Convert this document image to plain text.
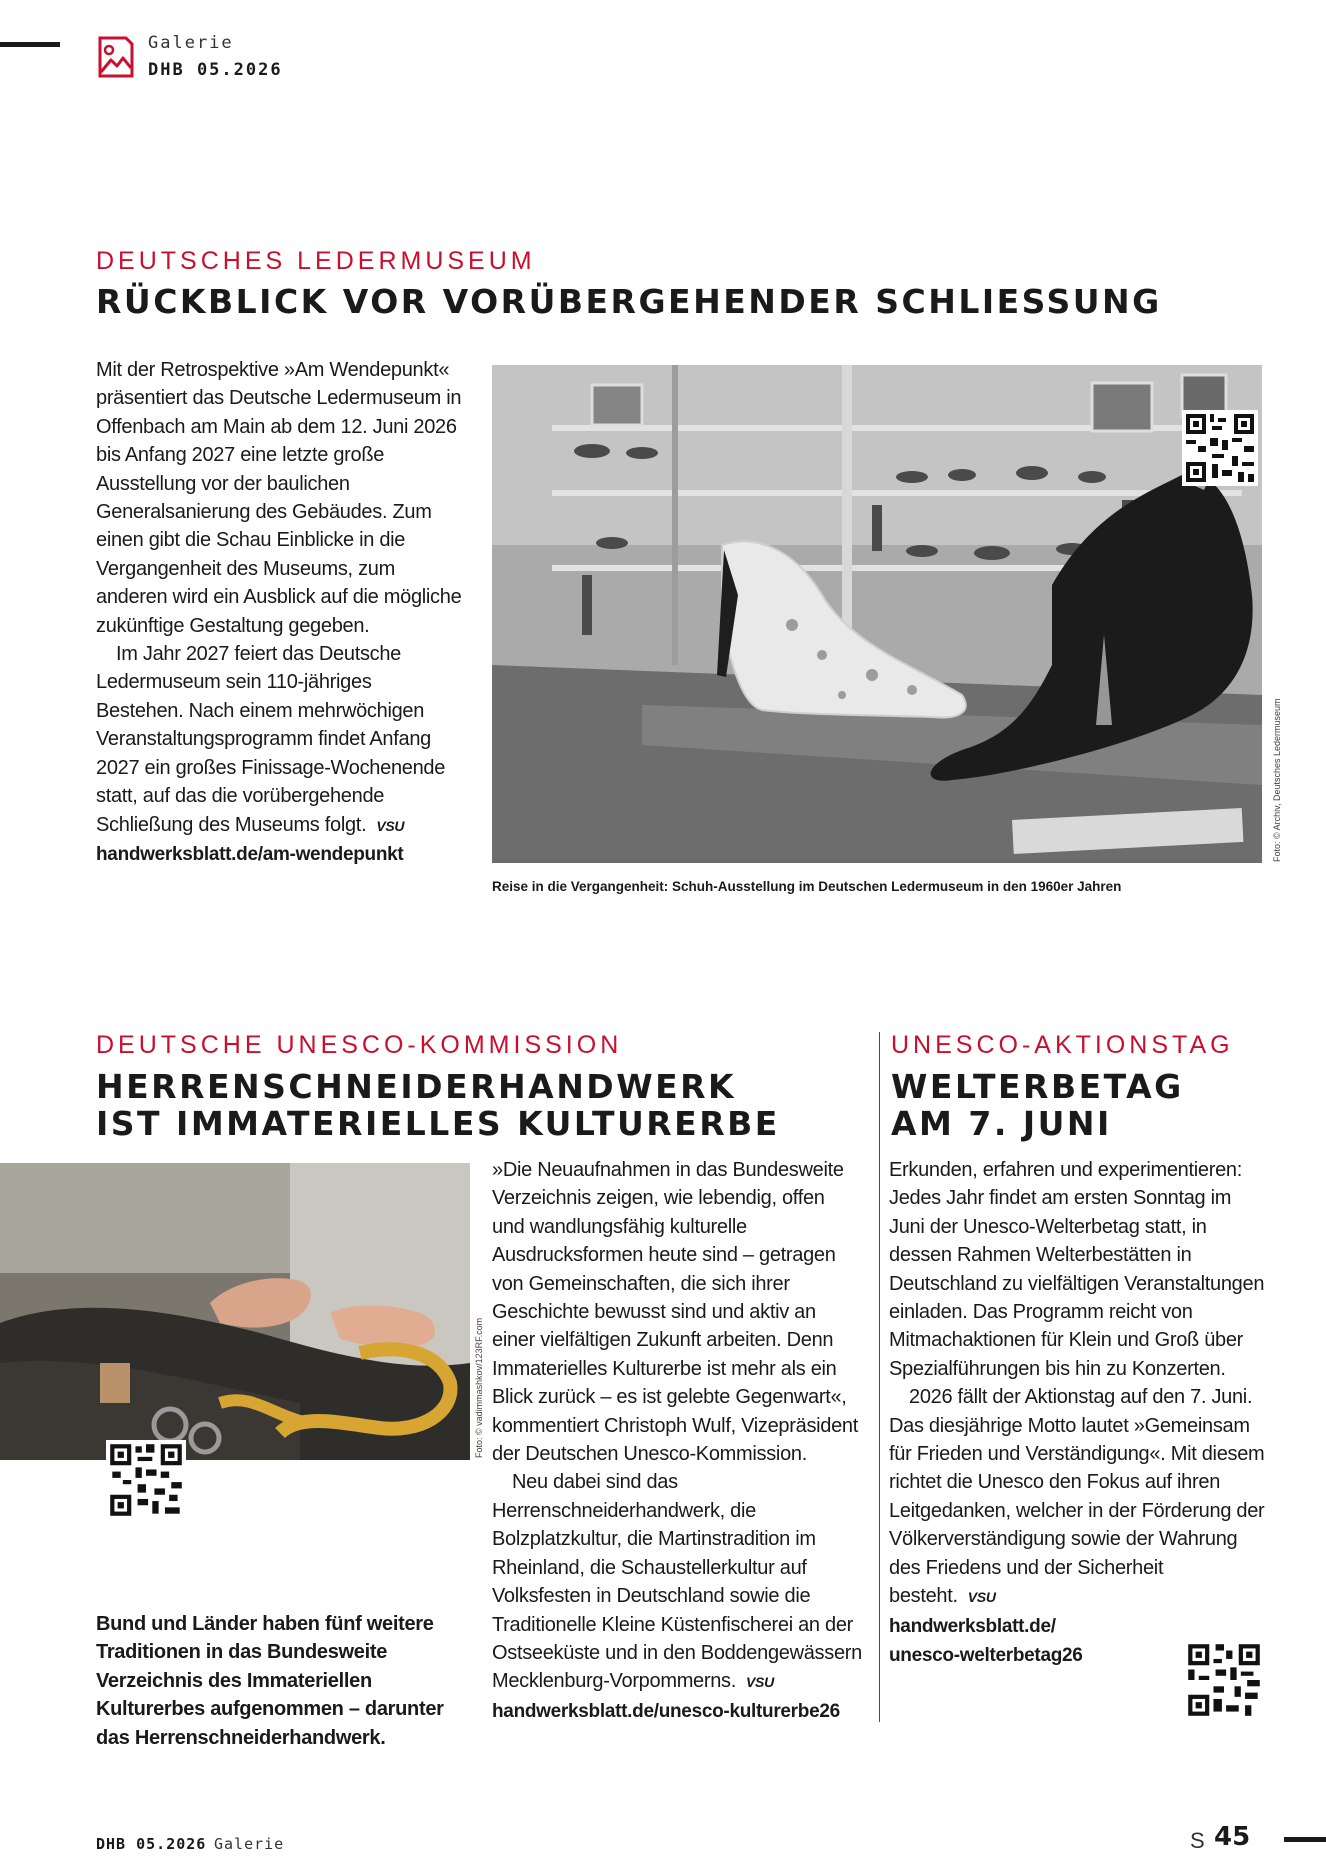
Galerie
DHB 05.2026
DEUTSCHES LEDERMUSEUM
RÜCKBLICK VOR VORÜBERGEHENDER SCHLIESSUNG

Mit der Retrospektive »Am Wendepunkt« präsentiert das Deutsche Ledermuseum in Offenbach am Main ab dem 12. Juni 2026 bis Anfang 2027 eine letzte große Ausstellung vor der baulichen Generalsanierung des Gebäudes. Zum einen gibt die Schau Einblicke in die Vergangenheit des Museums, zum anderen wird ein Ausblick auf die mögliche zukünftige Gestaltung gegeben.

Im Jahr 2027 feiert das Deutsche Ledermuseum sein 110-jähriges Bestehen. Nach einem mehrwöchigen Veranstaltungsprogramm findet Anfang 2027 ein großes Finissage-Wochenende statt, auf das die vorübergehende Schließung des Museums folgt. VSU

handwerksblatt.de/am-wendepunkt	Foto: © Archiv, Deutsches Ledermuseum
Reise in die Vergangenheit: Schuh-Ausstellung im Deutschen Ledermuseum in den 1960er Jahren
DEUTSCHE UNESCO-KOMMISSION
HERRENSCHNEIDERHANDWERK
IST IMMATERIELLES KULTURERBE
Foto: © vadimmashkov/123RF.com
Bund und Länder haben fünf weitere Traditionen in das Bundesweite Verzeichnis des Immateriellen Kulturerbes aufgenommen – darunter das Herrenschneiderhandwerk.

»Die Neuaufnahmen in das Bundesweite Verzeichnis zeigen, wie lebendig, offen und wandlungsfähig kulturelle Ausdrucksformen heute sind – getragen von Gemeinschaften, die sich ihrer Geschichte bewusst sind und aktiv an einer vielfältigen Zukunft arbeiten. Denn Immaterielles Kulturerbe ist mehr als ein Blick zurück – es ist gelebte Gegenwart«, kommentiert Christoph Wulf, Vizepräsident der Deutschen Unesco-Kommission.

Neu dabei sind das Herrenschneiderhandwerk, die Bolzplatzkultur, die Martinstradition im Rheinland, die Schaustellerkultur auf Volksfesten in Deutschland sowie die Traditionelle Kleine Küstenfischerei an der Ostseeküste und in den Boddengewässern Mecklenburg-Vorpommerns. VSU

handwerksblatt.de/unesco-kulturerbe26

UNESCO-AKTIONSTAG
WELTERBETAG
AM 7. JUNI

Erkunden, erfahren und experimentieren: Jedes Jahr findet am ersten Sonntag im Juni der Unesco-Welterbetag statt, in dessen Rahmen Welterbestätten in Deutschland zu vielfältigen Veranstaltungen einladen. Das Programm reicht von Mitmachaktionen für Klein und Groß über Spezialführungen bis hin zu Konzerten.

2026 fällt der Aktionstag auf den 7. Juni. Das diesjährige Motto lautet »Gemeinsam für Frieden und Verständigung«. Mit diesem richtet die Unesco den Fokus auf ihren Leitgedanken, welcher in der Förderung der Völkerverständigung sowie der Wahrung des Friedens und der Sicherheit besteht. VSU

handwerksblatt.de/

unesco-welterbetag26

DHB 05.2026 Galerie	S 45
